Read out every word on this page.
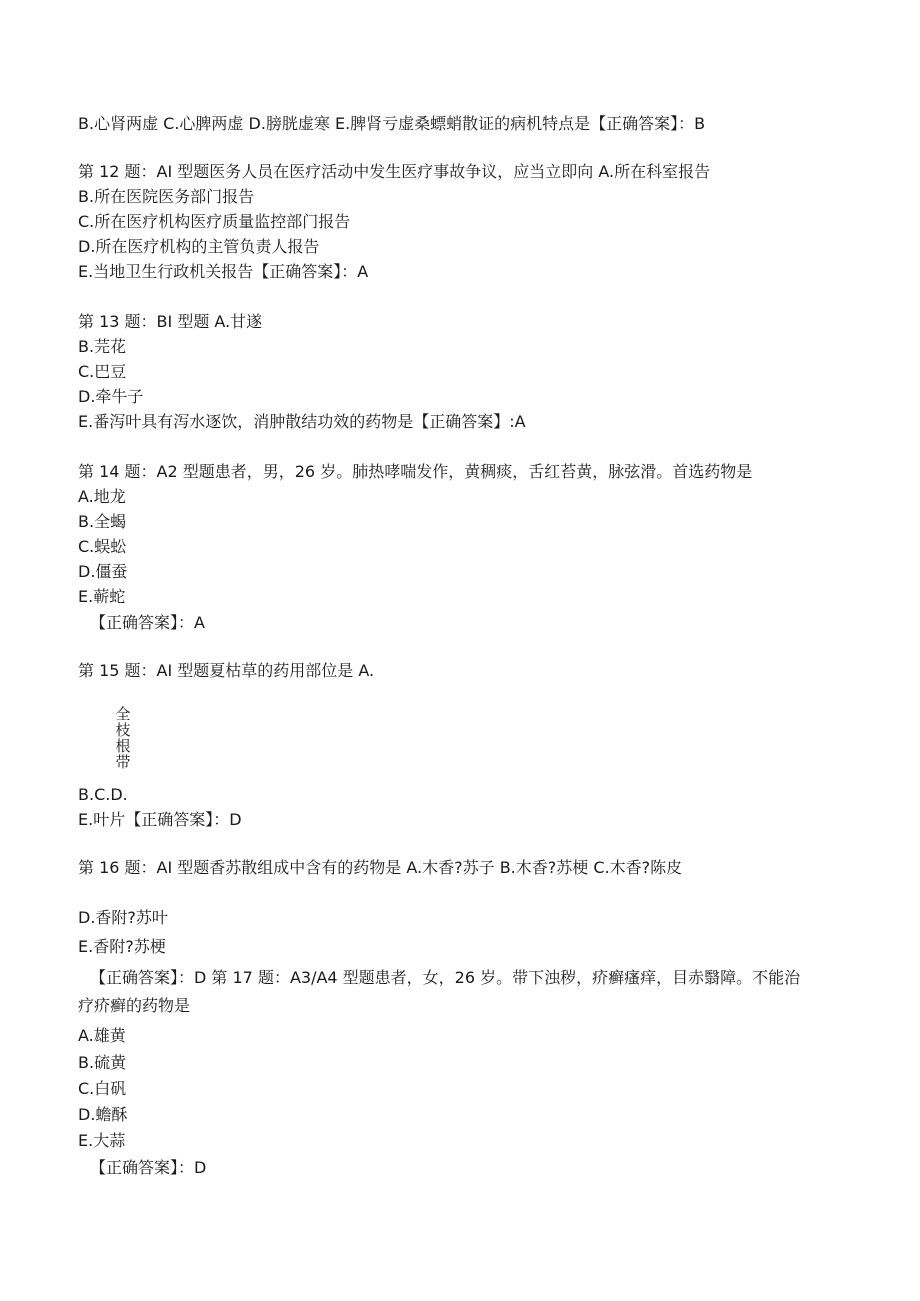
B.心肾两虚 C.心脾两虚 D.膀胱虚寒 E.脾肾亏虚桑螵蛸散证的病机特点是【正确答案】：B
第 12 题：AI 型题医务人员在医疗活动中发生医疗事故争议，应当立即向 A.所在科室报告
B.所在医院医务部门报告
C.所在医疗机构医疗质量监控部门报告
D.所在医疗机构的主管负责人报告
E.当地卫生行政机关报告【正确答案】：A
第 13 题：BI 型题 A.甘遂
B.芫花
C.巴豆
D.牵牛子
E.番泻叶具有泻水逐饮，消肿散结功效的药物是【正确答案】:A
第 14 题：A2 型题患者，男，26 岁。肺热哮喘发作，黄稠痰，舌红苔黄，脉弦滑。首选药物是
A.地龙
B.全蝎
C.蜈蚣
D.僵蚕
E.蕲蛇
【正确答案】：A
第 15 题：AI 型题夏枯草的药用部位是 A.
全
枝
根
带
B.C.D.
E.叶片【正确答案】：D
第 16 题：AI 型题香苏散组成中含有的药物是 A.木香?苏子 B.木香?苏梗 C.木香?陈皮
D.香附?苏叶
E.香附?苏梗
【正确答案】：D 第 17 题：A3/A4 型题患者，女，26 岁。带下浊秽，疥癣瘙痒，目赤翳障。不能治
疗疥癣的药物是
A.雄黄
B.硫黄
C.白矾
D.蟾酥
E.大蒜
【正确答案】：D
